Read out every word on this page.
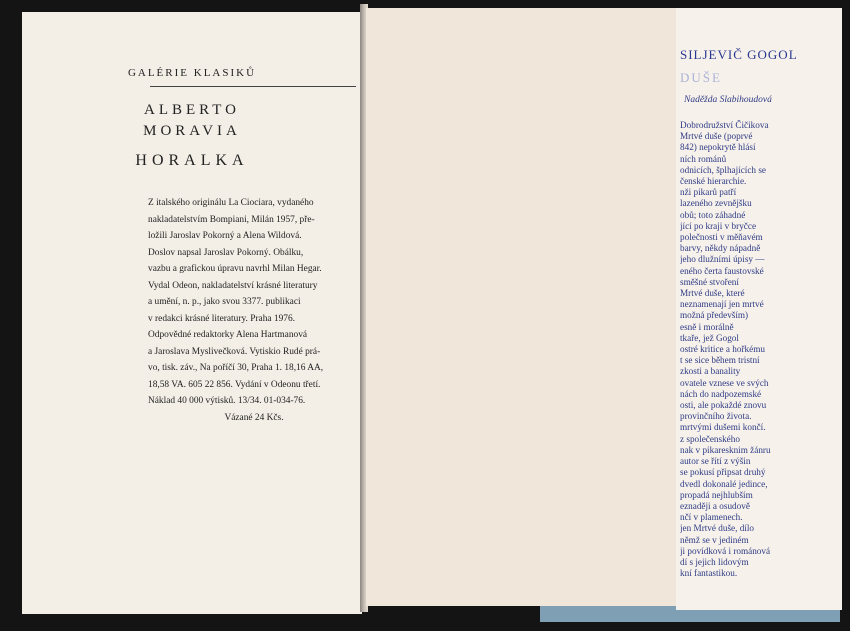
GALÉRIE KLASIKŮ
ALBERTO
MORAVIA
HORALKA
Z italského originálu La Ciociara, vydaného
nakladatelstvím Bompiani, Milán 1957, pře-
ložili Jaroslav Pokorný a Alena Wildová.
Doslov napsal Jaroslav Pokorný. Obálku,
vazbu a grafickou úpravu navrhl Milan Hegar.
Vydal Odeon, nakladatelství krásné literatury
a umění, n. p., jako svou 3377. publikaci
v redakci krásné literatury. Praha 1976.
Odpovědné redaktorky Alena Hartmanová
a Jaroslava Myslivečková. Vytiskio Rudé prá-
vo, tisk. záv., Na poříčí 30, Praha 1. 18,16 AA,
18,58 VA. 605 22 856. Vydání v Odeonu třetí.
Náklad 40 000 výtisků. 13/34. 01-034-76.
Vázané 24 Kčs.
SILJEVIČ GOGOL
DUŠE
Naděžda Slabihoudová
Dobrodružství Čičikova
Mrtvé duše (poprvé
842) nepokrytě hlásí
ních románů
odnicích, šplhajících se
čenské hierarchie.
nži pikarů patří
lazeného zevnějšku
obů; toto záhadné
jící po kraji v bryčce
polečnosti v měňavém
barvy, někdy nápadně
jeho dlužními úpisy —
eného čerta faustovské
směšné stvoření
Mrtvé duše, které
neznamenají jen mrtvé
možná především)
esně i morálně
tkaře, jež Gogol
ostré kritice a hořkému
t se sice během tristní
zkosti a banality
ovatele vznese ve svých
nách do nadpozemské
osti, ale pokaždé znovu
provinčního života.
mrtvými dušemi končí.
z společenského
nak v pikaresknim žánru
autor se řítí z výšin
se pokusí připsat druhý
dvedl dokonalé jedince,
propadá nejhlubším
eznaději a osudově
nčí v plamenech.
jen Mrtvé duše, dílo
němž se v jediném
ji povídková i románová
dí s jejich lidovým
kní fantastikou.
